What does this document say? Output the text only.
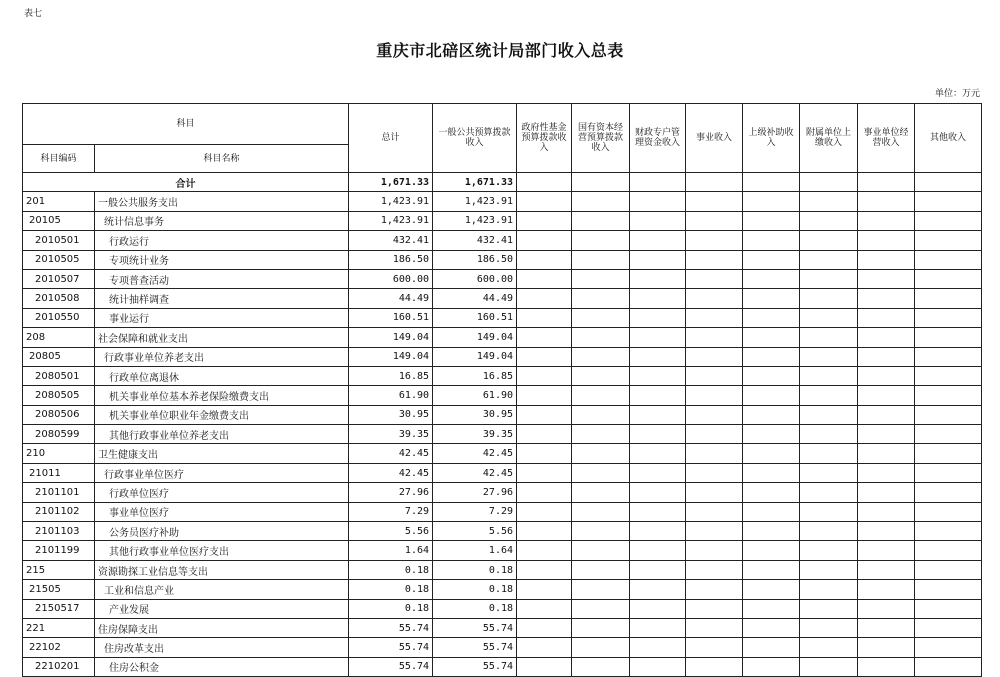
表七
重庆市北碚区统计局部门收入总表
单位：万元
科目		总计	一般公共预算拨款收入	政府性基金预算拨款收入	国有资本经营预算拨款收入	财政专户管理资金收入	事业收入	上级补助收入	附属单位上缴收入	事业单位经营收入	其他收入
科目编码	科目名称										
合计		1,671.33	1,671.33								
201	一般公共服务支出	1,423.91	1,423.91								
20105	统计信息事务	1,423.91	1,423.91								
2010501	行政运行	432.41	432.41								
2010505	专项统计业务	186.50	186.50								
2010507	专项普查活动	600.00	600.00								
2010508	统计抽样调查	44.49	44.49								
2010550	事业运行	160.51	160.51								
208	社会保障和就业支出	149.04	149.04								
20805	行政事业单位养老支出	149.04	149.04								
2080501	行政单位离退休	16.85	16.85								
2080505	机关事业单位基本养老保险缴费支出	61.90	61.90								
2080506	机关事业单位职业年金缴费支出	30.95	30.95								
2080599	其他行政事业单位养老支出	39.35	39.35								
210	卫生健康支出	42.45	42.45								
21011	行政事业单位医疗	42.45	42.45								
2101101	行政单位医疗	27.96	27.96								
2101102	事业单位医疗	7.29	7.29								
2101103	公务员医疗补助	5.56	5.56								
2101199	其他行政事业单位医疗支出	1.64	1.64								
215	资源勘探工业信息等支出	0.18	0.18								
21505	工业和信息产业	0.18	0.18								
2150517	产业发展	0.18	0.18								
221	住房保障支出	55.74	55.74								
22102	住房改革支出	55.74	55.74								
2210201	住房公积金	55.74	55.74								
